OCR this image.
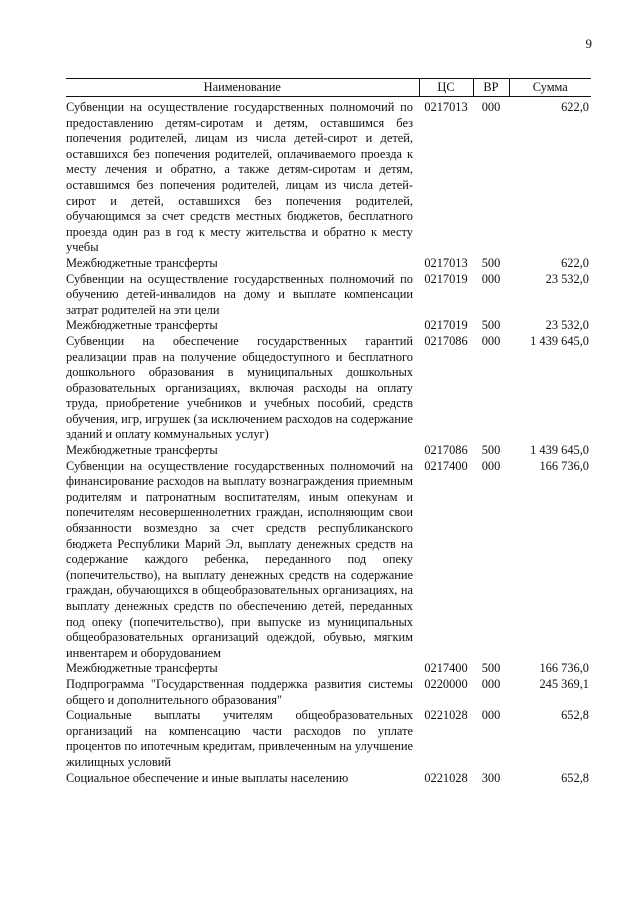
9
Наименование	ЦС	ВР	Сумма
Субвенции на осуществление государственных полномочий по предоставлению детям-сиротам и детям, оставшимся без попечения родителей, лицам из числа детей-сирот и детей, оставшихся без попечения родителей, оплачиваемого проезда к месту лечения и обратно, а также детям-сиротам и детям, оставшимся без попечения родителей, лицам из числа детей-сирот и детей, оставшихся без попечения родителей, обучающимся за счет средств местных бюджетов, бесплатного проезда один раз в год к месту жительства и обратно к месту учебы	0217013	000	622,0
Межбюджетные трансферты	0217013	500	622,0
Субвенции на осуществление государственных полномочий по обучению детей-инвалидов на дому и выплате компенсации затрат родителей на эти цели	0217019	000	23 532,0
Межбюджетные трансферты	0217019	500	23 532,0
Субвенции на обеспечение государственных гарантий реализации прав на получение общедоступного и бесплатного дошкольного образования в муниципальных дошкольных образовательных организациях, включая расходы на оплату труда, приобретение учебников и учебных пособий, средств обучения, игр, игрушек (за исключением расходов на содержание зданий и оплату коммунальных услуг)	0217086	000	1 439 645,0
Межбюджетные трансферты	0217086	500	1 439 645,0
Субвенции на осуществление государственных полномочий на финансирование расходов на выплату вознаграждения приемным родителям и патронатным воспитателям, иным опекунам и попечителям несовершеннолетних граждан, исполняющим свои обязанности возмездно за счет средств республиканского бюджета Республики Марий Эл, выплату денежных средств на содержание каждого ребенка, переданного под опеку (попечительство), на выплату денежных средств на содержание граждан, обучающихся в общеобразовательных организациях, на выплату денежных средств по обеспечению детей, переданных под опеку (попечительство), при выпуске из муниципальных общеобразовательных организаций одеждой, обувью, мягким инвентарем и оборудованием	0217400	000	166 736,0
Межбюджетные трансферты	0217400	500	166 736,0
Подпрограмма "Государственная поддержка развития системы общего и дополнительного образования"	0220000	000	245 369,1
Социальные выплаты учителям общеобразовательных организаций на компенсацию части расходов по уплате процентов по ипотечным кредитам, привлеченным на улучшение жилищных условий	0221028	000	652,8
Социальное обеспечение и иные выплаты населению	0221028	300	652,8
